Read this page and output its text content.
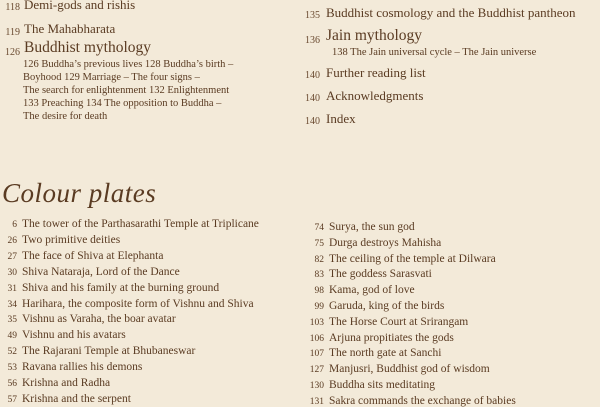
118 Demi-gods and rishis
119 The Mahabharata
126 Buddhist mythology
126 Buddha’s previous lives 128 Buddha’s birth –
Boyhood 129 Marriage – The four signs –
The search for enlightenment 132 Enlightenment
133 Preaching 134 The opposition to Buddha –
The desire for death
135 Buddhist cosmology and the Buddhist pantheon
136 Jain mythology
138 The Jain universal cycle – The Jain universe
140 Further reading list
140 Acknowledgments
140 Index
Colour plates
6 The tower of the Parthasarathi Temple at Triplicane
26 Two primitive deities
27 The face of Shiva at Elephanta
30 Shiva Nataraja, Lord of the Dance
31 Shiva and his family at the burning ground
34 Harihara, the composite form of Vishnu and Shiva
35 Vishnu as Varaha, the boar avatar
49 Vishnu and his avatars
52 The Rajarani Temple at Bhubaneswar
53 Ravana rallies his demons
56 Krishna and Radha
57 Krishna and the serpent
74 Surya, the sun god
75 Durga destroys Mahisha
82 The ceiling of the temple at Dilwara
83 The goddess Sarasvati
98 Kama, god of love
99 Garuda, king of the birds
103 The Horse Court at Srirangam
106 Arjuna propitiates the gods
107 The north gate at Sanchi
127 Manjusri, Buddhist god of wisdom
130 Buddha sits meditating
131 Sakra commands the exchange of babies
